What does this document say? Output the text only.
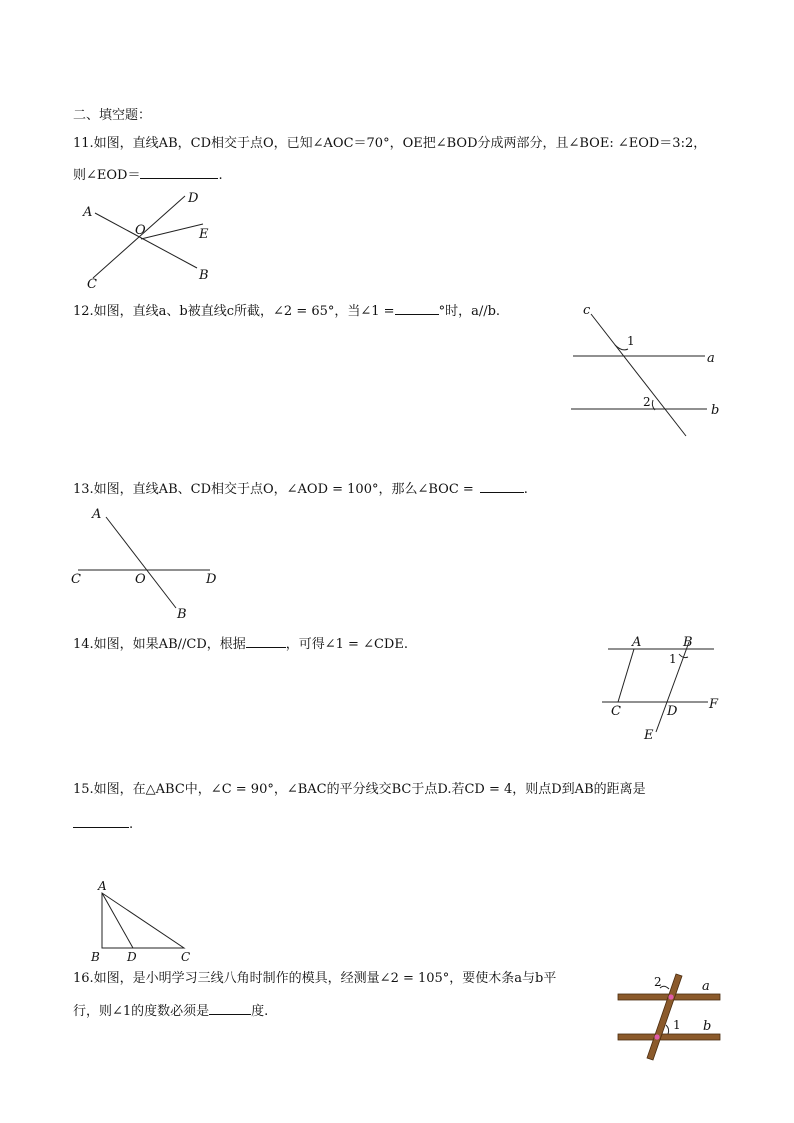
二、填空题：
11.如图，直线AB，CD相交于点O，已知∠AOC＝70°，OE把∠BOD分成两部分，且∠BOE: ∠EOD＝3:2，
则∠EOD＝	.
A
D
O	E
C
B
12.如图，直线a、b被直线c所截，∠2 = 65°，当∠1 =	°时，a//b.	c
1
a
2
b
13.如图，直线AB、CD相交于点O，∠AOD = 100°，那么∠BOC =	.
A
C	O	D
B
14.如图，如果AB//CD，根据	，可得∠1 = ∠CDE.	A	B
1
C	D F
E
15.如图，在△ABC中，∠C = 90°，∠BAC的平分线交BC于点D.若CD = 4，则点D到AB的距离是
.
A
B D	C
16.如图，是小明学习三线八角时制作的模具，经测量∠2 = 105°，要使木条a与b平
行，则∠1的度数必须是	度.
2	a
1 b
